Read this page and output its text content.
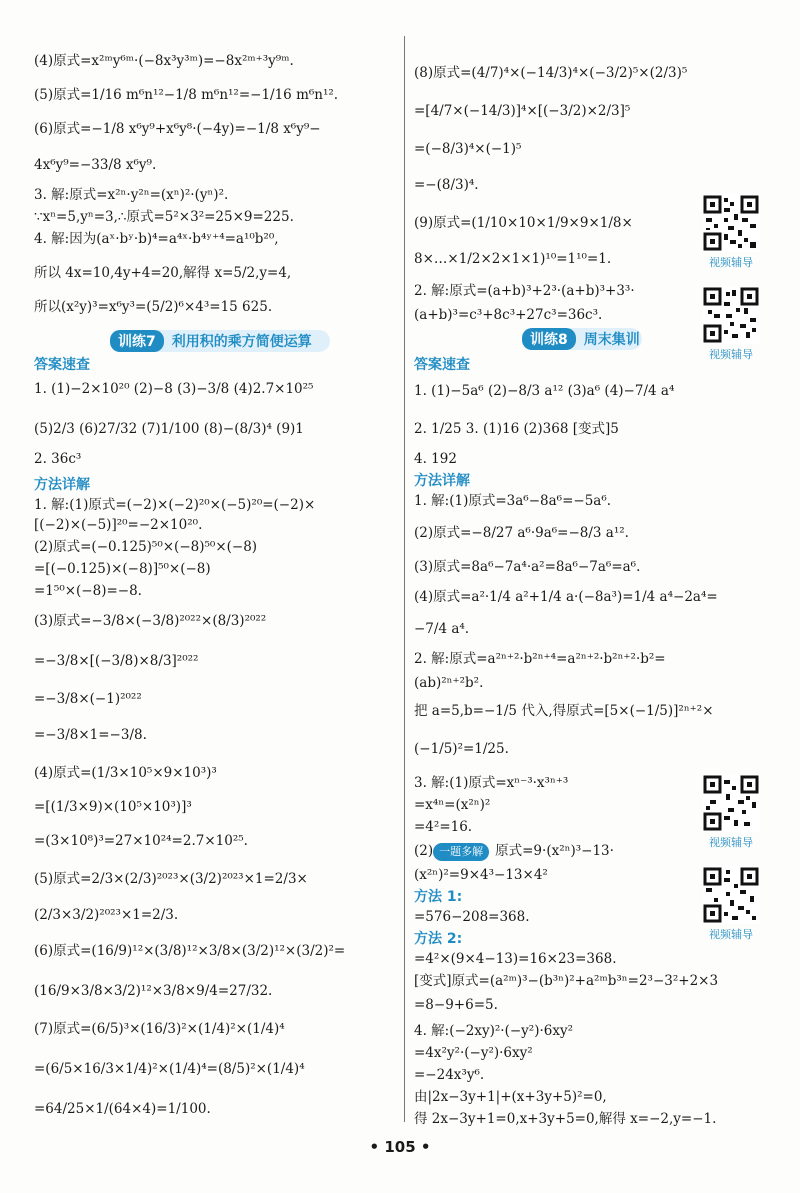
训练7	利用积的乘方简便运算
答案速查
方法详解
(4)原式=x²ᵐy⁶ᵐ·(−8x³y³ᵐ)=−8x²ᵐ⁺³y⁹ᵐ.
(5)原式=1/16 m⁶n¹²−1/8 m⁶n¹²=−1/16 m⁶n¹².
(6)原式=−1/8 x⁶y⁹+x⁶y⁸·(−4y)=−1/8 x⁶y⁹−
4x⁶y⁹=−33/8 x⁶y⁹.
3. 解:原式=x²ⁿ·y²ⁿ=(xⁿ)²·(yⁿ)².
∵xⁿ=5,yⁿ=3,∴原式=5²×3²=25×9=225.
4. 解:因为(aˣ·bʸ·b)⁴=a⁴ˣ·b⁴ʸ⁺⁴=a¹⁰b²⁰,
所以 4x=10,4y+4=20,解得 x=5/2,y=4,
所以(x²y)³=x⁶y³=(5/2)⁶×4³=15 625.
1. (1)−2×10²⁰ (2)−8 (3)−3/8 (4)2.7×10²⁵
(5)2/3 (6)27/32 (7)1/100 (8)−(8/3)⁴ (9)1
2. 36c³
1. 解:(1)原式=(−2)×(−2)²⁰×(−5)²⁰=(−2)×
[(−2)×(−5)]²⁰=−2×10²⁰.
(2)原式=(−0.125)⁵⁰×(−8)⁵⁰×(−8)
=[(−0.125)×(−8)]⁵⁰×(−8)
=1⁵⁰×(−8)=−8.
(3)原式=−3/8×(−3/8)²⁰²²×(8/3)²⁰²²
=−3/8×[(−3/8)×8/3]²⁰²²
=−3/8×(−1)²⁰²²
=−3/8×1=−3/8.
(4)原式=(1/3×10⁵×9×10³)³
=[(1/3×9)×(10⁵×10³)]³
=(3×10⁸)³=27×10²⁴=2.7×10²⁵.
(5)原式=2/3×(2/3)²⁰²³×(3/2)²⁰²³×1=2/3×
(2/3×3/2)²⁰²³×1=2/3.
(6)原式=(16/9)¹²×(3/8)¹²×3/8×(3/2)¹²×(3/2)²=
(16/9×3/8×3/2)¹²×3/8×9/4=27/32.
(7)原式=(6/5)³×(16/3)²×(1/4)²×(1/4)⁴
=(6/5×16/3×1/4)²×(1/4)⁴=(8/5)²×(1/4)⁴
=64/25×1/(64×4)=1/100.
训练8	周末集训
答案速查
方法详解
方法 1:
方法 2:
视频辅导
视频辅导
视频辅导
视频辅导
(8)原式=(4/7)⁴×(−14/3)⁴×(−3/2)⁵×(2/3)⁵
=[4/7×(−14/3)]⁴×[(−3/2)×2/3]⁵
=(−8/3)⁴×(−1)⁵
=−(8/3)⁴.
(9)原式=(1/10×10×1/9×9×1/8×
8×…×1/2×2×1×1)¹⁰=1¹⁰=1.
2. 解:原式=(a+b)³+2³·(a+b)³+3³·
(a+b)³=c³+8c³+27c³=36c³.
1. (1)−5a⁶ (2)−8/3 a¹² (3)a⁶ (4)−7/4 a⁴
2. 1/25 3. (1)16 (2)368 [变式]5
4. 192
1. 解:(1)原式=3a⁶−8a⁶=−5a⁶.
(2)原式=−8/27 a⁶·9a⁶=−8/3 a¹².
(3)原式=8a⁶−7a⁴·a²=8a⁶−7a⁶=a⁶.
(4)原式=a²·1/4 a²+1/4 a·(−8a³)=1/4 a⁴−2a⁴=
−7/4 a⁴.
2. 解:原式=a²ⁿ⁺²·b²ⁿ⁺⁴=a²ⁿ⁺²·b²ⁿ⁺²·b²=
(ab)²ⁿ⁺²b².
把 a=5,b=−1/5 代入,得原式=[5×(−1/5)]²ⁿ⁺²×
(−1/5)²=1/25.
3. 解:(1)原式=xⁿ⁻³·x³ⁿ⁺³
=x⁴ⁿ=(x²ⁿ)²
=4²=16.
(2) 一题多解 原式=9·(x²ⁿ)³−13·
(x²ⁿ)²=9×4³−13×4²
=576−208=368.
=4²×(9×4−13)=16×23=368.
[变式]原式=(a²ᵐ)³−(b³ⁿ)²+a²ᵐb³ⁿ=2³−3²+2×3
=8−9+6=5.
4. 解:(−2xy)²·(−y²)·6xy²
=4x²y²·(−y²)·6xy²
=−24x³y⁶.
由|2x−3y+1|+(x+3y+5)²=0,
得 2x−3y+1=0,x+3y+5=0,解得 x=−2,y=−1.
• 105 •
